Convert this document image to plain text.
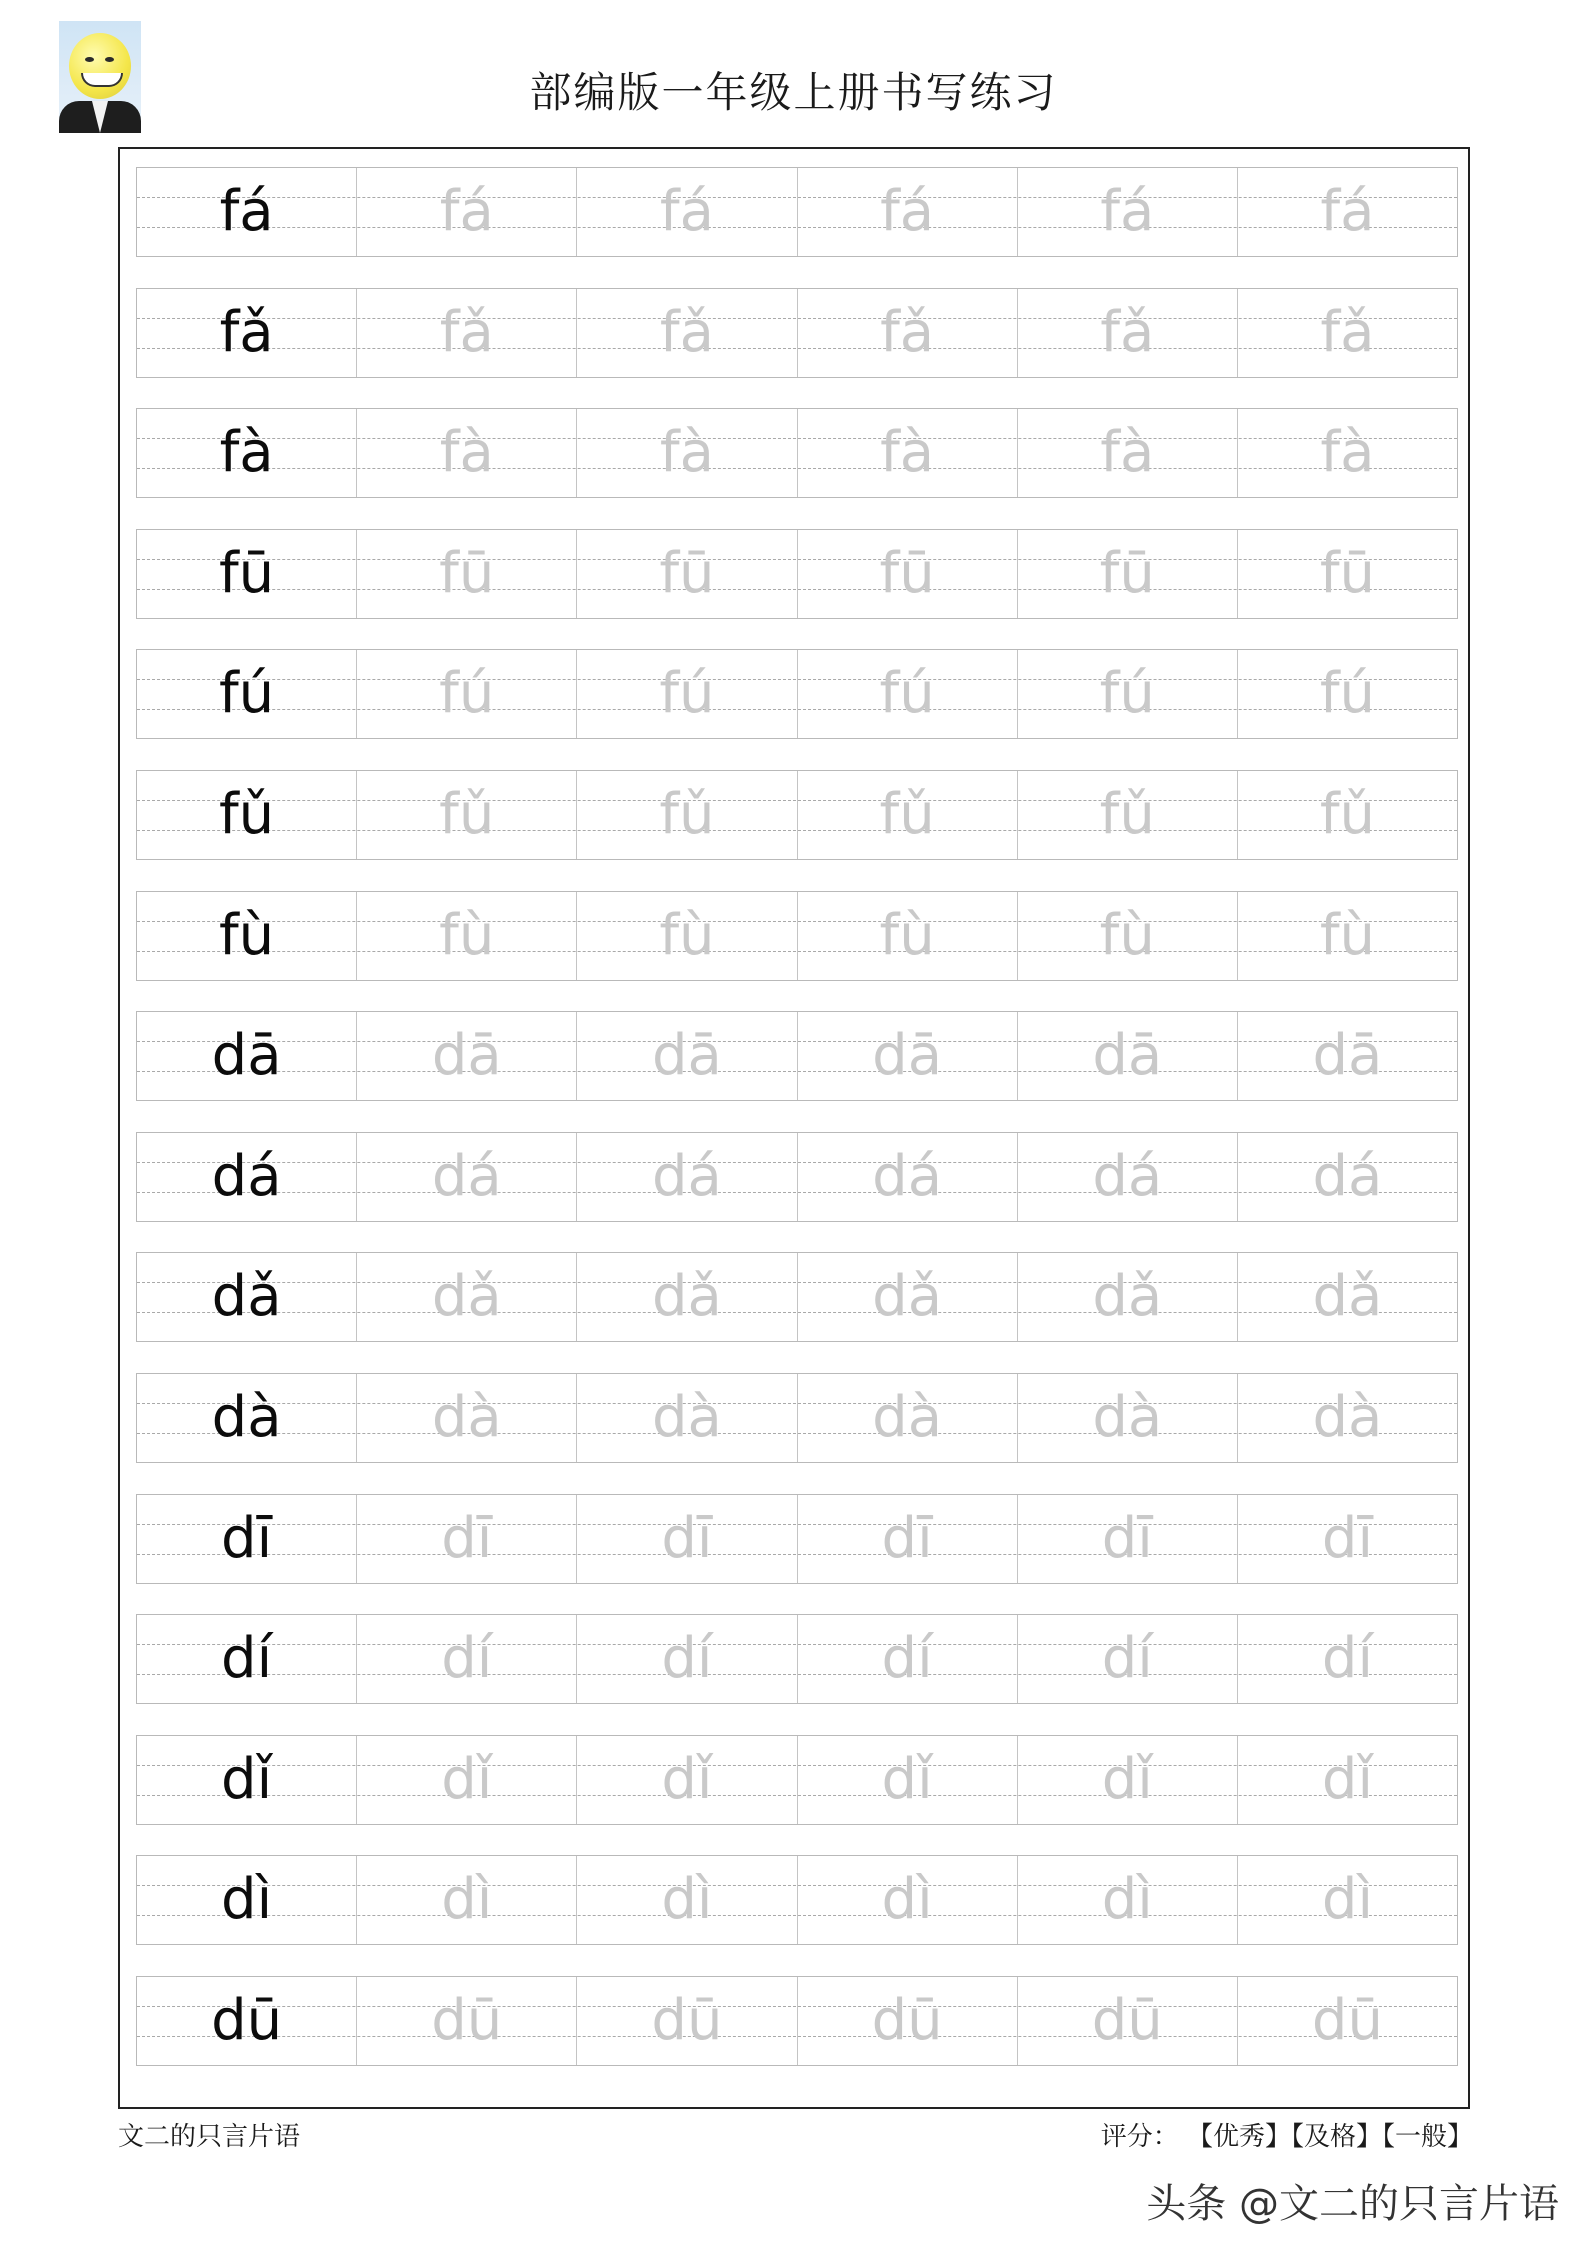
部编版一年级上册书写练习
fá	fá	fá	fá	fá	fá
fǎ	fǎ	fǎ	fǎ	fǎ	fǎ
fà	fà	fà	fà	fà	fà
fū	fū	fū	fū	fū	fū
fú	fú	fú	fú	fú	fú
fǔ	fǔ	fǔ	fǔ	fǔ	fǔ
fù	fù	fù	fù	fù	fù
dā	dā	dā	dā	dā	dā
dá	dá	dá	dá	dá	dá
dǎ	dǎ	dǎ	dǎ	dǎ	dǎ
dà	dà	dà	dà	dà	dà
dī	dī	dī	dī	dī	dī
dí	dí	dí	dí	dí	dí
dǐ	dǐ	dǐ	dǐ	dǐ	dǐ
dì	dì	dì	dì	dì	dì
dū	dū	dū	dū	dū	dū
文二的只言片语	评分： 【优秀】【及格】【一般】
头条 @文二的只言片语
